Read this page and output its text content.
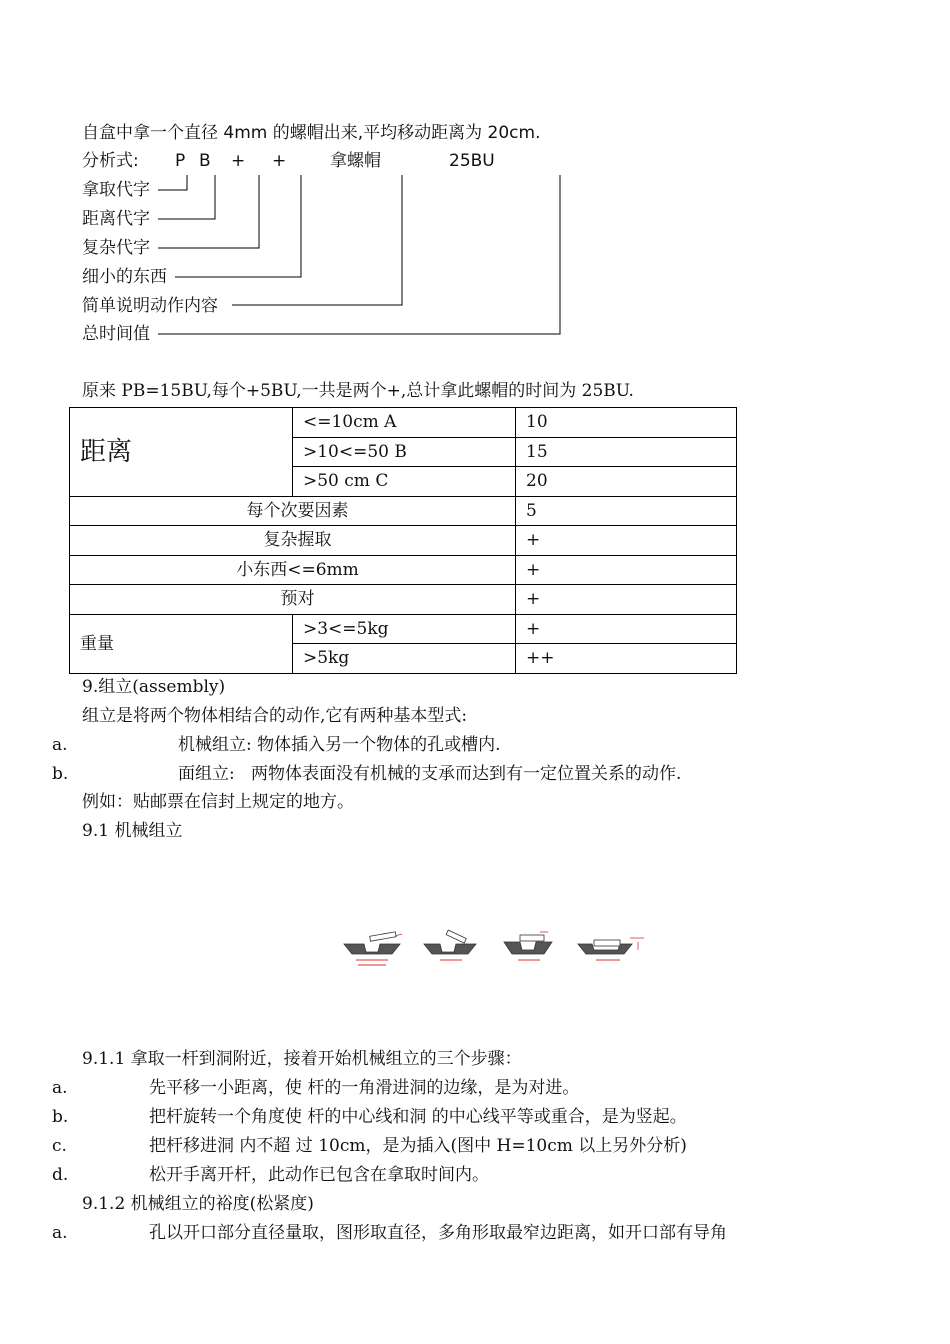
自盒中拿一个直径 4mm 的螺帽出来,平均移动距离为 20cm.
分析式: P B + +	拿螺帽	25BU
拿取代字
距离代字
复杂代字
细小的东西
简单说明动作内容
总时间值
原来 PB=15BU,每个+5BU,一共是两个+,总计拿此螺帽的时间为 25BU.
距离	<=10cm A	10
	>10<=50 B	15
	>50 cm C	20
每个次要因素		5
复杂握取		+
小东西<=6mm		+
预对		+
重量	>3<=5kg	+
	>5kg	++
9.组立(assembly)
组立是将两个物体相结合的动作,它有两种基本型式:
a.	机械组立: 物体插入另一个物体的孔或槽内.
b.	面组立:   两物体表面没有机械的支承而达到有一定位置关系的动作.
例如：贴邮票在信封上规定的地方。
9.1 机械组立
9.1.1 拿取一杆到洞附近，接着开始机械组立的三个步骤：
a.	先平移一小距离，使 杆的一角滑进洞的边缘，是为对进。
b.	把杆旋转一个角度使 杆的中心线和洞 的中心线平等或重合，是为竖起。
c.	把杆移进洞 内不超 过 10cm，是为插入(图中 H=10cm 以上另外分析)
d.	松开手离开杆，此动作已包含在拿取时间内。
9.1.2 机械组立的裕度(松紧度)
a.	孔以开口部分直径量取，图形取直径，多角形取最窄边距离，如开口部有导角
